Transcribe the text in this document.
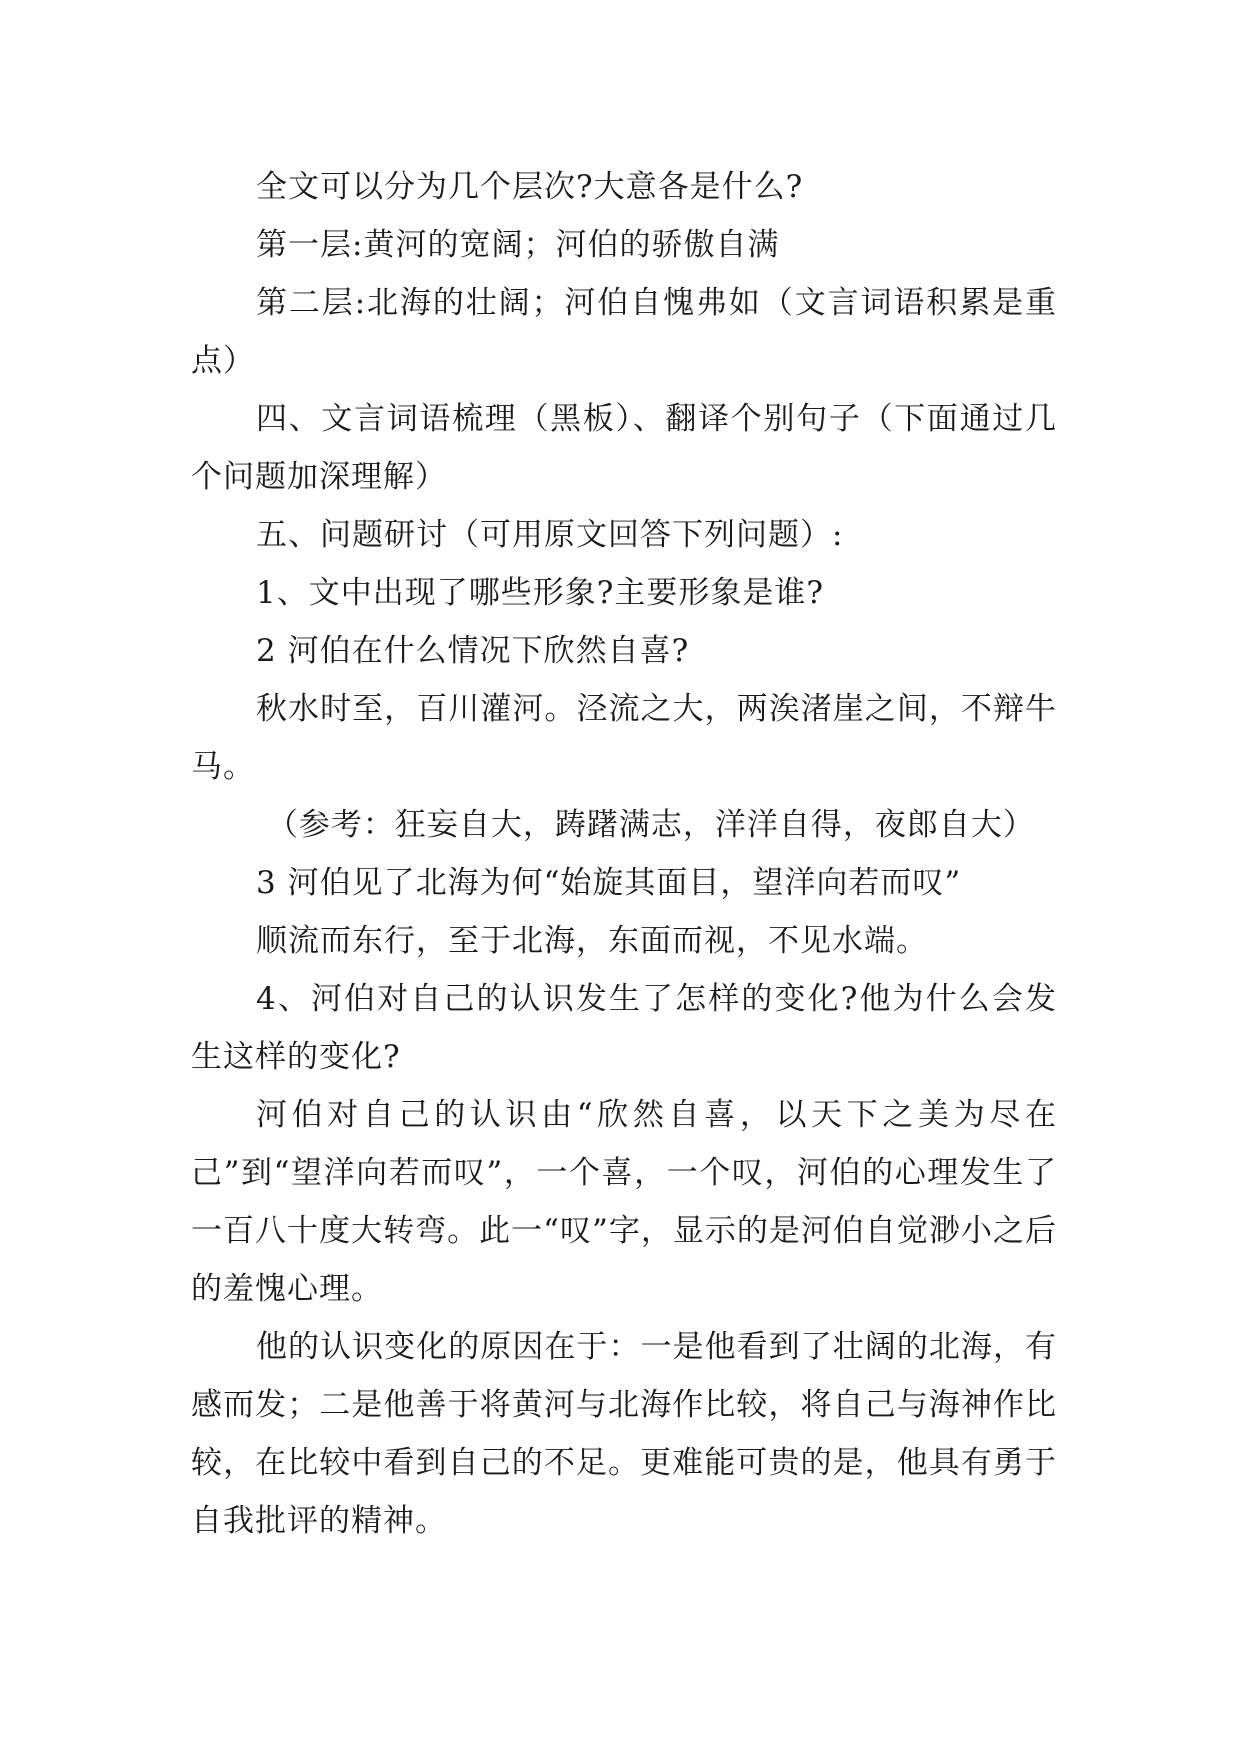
全文可以分为几个层次?大意各是什么?

第一层:黄河的宽阔；河伯的骄傲自满

第二层:北海的壮阔；河伯自愧弗如（文言词语积累是重点）

四、文言词语梳理（黑板）、翻译个别句子（下面通过几个问题加深理解）

五、问题研讨（可用原文回答下列问题）:

1、文中出现了哪些形象?主要形象是谁?

2 河伯在什么情况下欣然自喜?

秋水时至，百川灌河。泾流之大，两涘渚崖之间，不辩牛马。

（参考：狂妄自大，踌躇满志，洋洋自得，夜郎自大）

3 河伯见了北海为何“始旋其面目，望洋向若而叹”

顺流而东行，至于北海，东面而视，不见水端。

4、河伯对自己的认识发生了怎样的变化?他为什么会发生这样的变化?

河伯对自己的认识由“欣然自喜，以天下之美为尽在己”到“望洋向若而叹”，一个喜，一个叹，河伯的心理发生了一百八十度大转弯。此一“叹”字，显示的是河伯自觉渺小之后的羞愧心理。

他的认识变化的原因在于：一是他看到了壮阔的北海，有感而发；二是他善于将黄河与北海作比较，将自己与海神作比较，在比较中看到自己的不足。更难能可贵的是，他具有勇于自我批评的精神。
